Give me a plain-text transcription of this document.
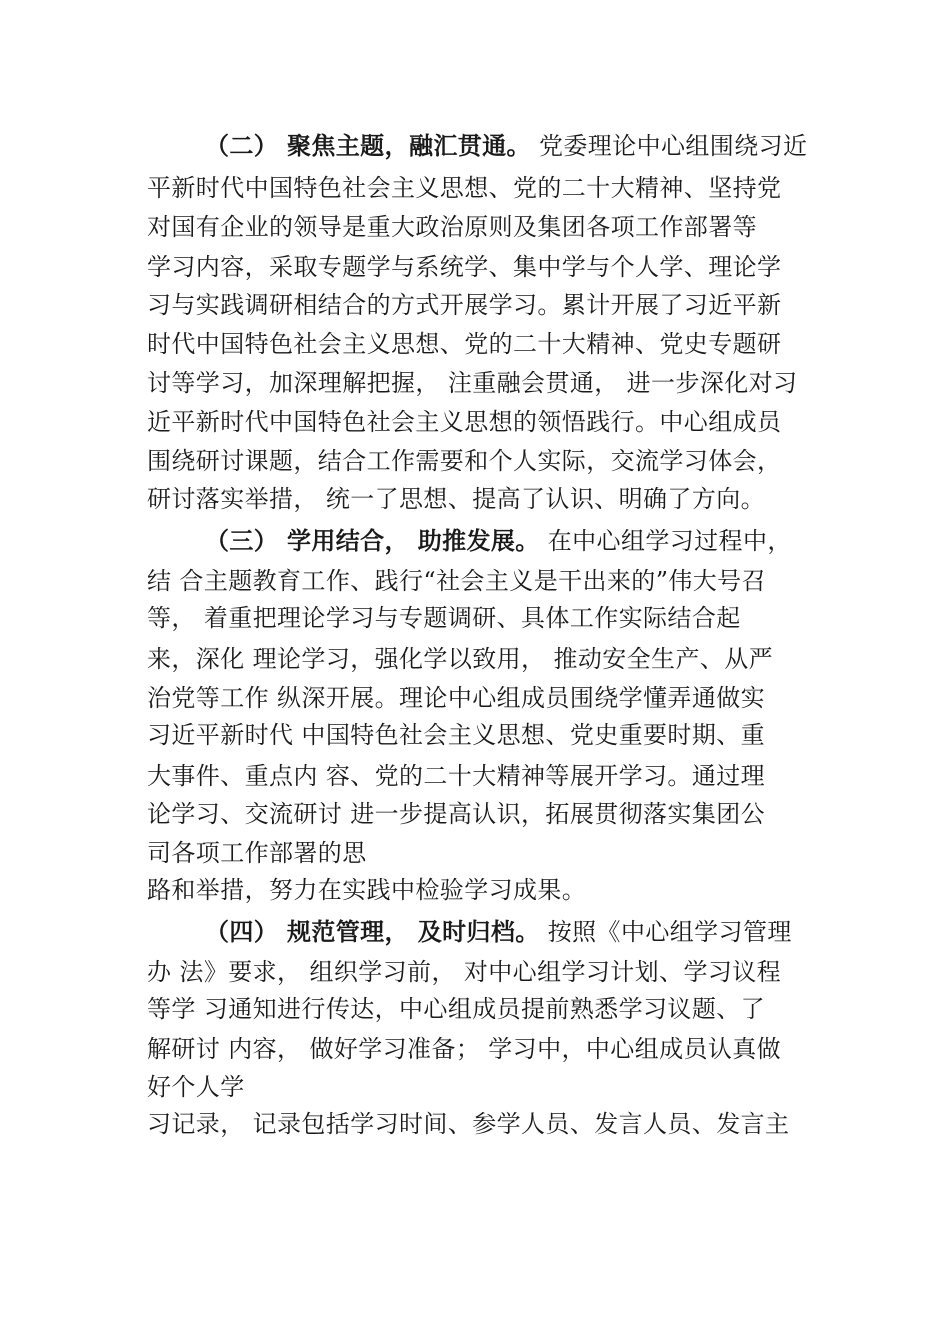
（二） 聚焦主题，融汇贯通。 党委理论中心组围绕习近
平新时代中国特色社会主义思想、党的二十大精神、坚持党
对国有企业的领导是重大政治原则及集团各项工作部署等
学习内容，采取专题学与系统学、集中学与个人学、理论学
习与实践调研相结合的方式开展学习。累计开展了习近平新
时代中国特色社会主义思想、党的二十大精神、党史专题研
讨等学习，加深理解把握， 注重融会贯通， 进一步深化对习
近平新时代中国特色社会主义思想的领悟践行。中心组成员
围绕研讨课题，结合工作需要和个人实际，交流学习体会，
研讨落实举措， 统一了思想、提高了认识、明确了方向。
（三） 学用结合， 助推发展。 在中心组学习过程中，
结 合主题教育工作、践行“社会主义是干出来的”伟大号召
等， 着重把理论学习与专题调研、具体工作实际结合起
来，深化 理论学习，强化学以致用， 推动安全生产、从严
治党等工作 纵深开展。理论中心组成员围绕学懂弄通做实
习近平新时代 中国特色社会主义思想、党史重要时期、重
大事件、重点内 容、党的二十大精神等展开学习。通过理
论学习、交流研讨 进一步提高认识，拓展贯彻落实集团公
司各项工作部署的思
路和举措，努力在实践中检验学习成果。
（四） 规范管理， 及时归档。 按照《中心组学习管理
办 法》要求， 组织学习前， 对中心组学习计划、学习议程
等学 习通知进行传达，中心组成员提前熟悉学习议题、了
解研讨 内容， 做好学习准备； 学习中，中心组成员认真做
好个人学
习记录， 记录包括学习时间、参学人员、发言人员、发言主
